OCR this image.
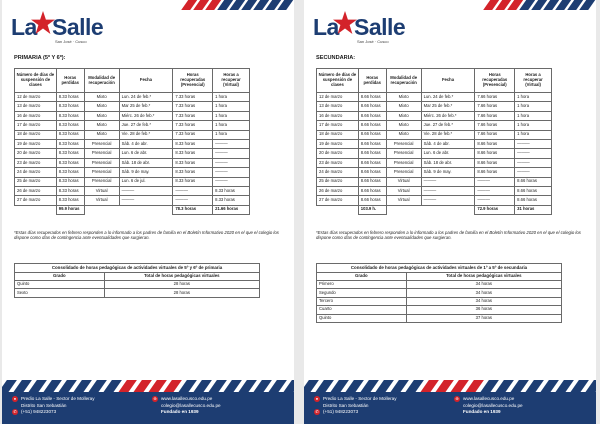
La Salle
San José · Cusco
PRIMARIA (5º Y 6º):
Número de días de suspensión de clases	Horas perdidas	Modalidad de recuperación	Fecha	Horas recuperadas (Presencial)	Horas a recuperar (Virtual)
12 de marzo	8.33 horas	Mixto	Lun. 24 de feb.*	7.33 horas	1 hora
13 de marzo	8.33 horas	Mixto	Mar 25 de feb.*	7.33 horas	1 hora
16 de marzo	8.33 horas	Mixto	Miérc. 26 de feb.*	7.33 horas	1 hora
17 de marzo	8.33 horas	Mixto	Jue. 27 de feb.*	7.33 horas	1 hora
18 de marzo	8.33 horas	Mixto	Vie. 28 de feb.*	7.33 horas	1 hora
19 de marzo	8.33 horas	Presencial	Sáb. 4 de abr.	8.33 horas	———
20 de marzo	8.33 horas	Presencial	Lun. 6 de abr.	8.33 horas	———
23 de marzo	8.33 horas	Presencial	Sáb. 18 de abr.	8.33 horas	———
24 de marzo	8.33 horas	Presencial	Sáb. 9 de may.	8.33 horas	———
25 de marzo	8.33 horas	Presencial	Lun. 6 de jul.	8.33 horas	———
26 de marzo	8.33 horas	Virtual	———	———	8.33 horas
27 de marzo	8.33 horas	Virtual	———	———	8.33 horas
	99.9 horas			78.3 horas	21.66 horas
*Estas días recuperados en febrero responden a lo informado a los padres de familia en el Boletín Informativo 2020 en el que el colegio los dispone como días de contingencia ante eventualidades que surgieran.
Consolidado de horas pedagógicas de actividades virtuales de 5º y 6º de primaria	
Grado	Total de horas pedagógicas virtuales
Quinto	28 horas
Sexto	28 horas
●	Predio La Salle - Sector de Molleray
Distrito San Sebastián
✆ (+51) 948223073
⊕ www.lasallecusco.edu.pe
colegio@lasallecusco.edu.pe
Fundado en 1939
La Salle
San José · Cusco
SECUNDARIA:
Número de días de suspensión de clases	Horas perdidas	Modalidad de recuperación	Fecha	Horas recuperadas (Presencial)	Horas a recuperar (Virtual)
12 de marzo	8.66 horas	Mixto	Lun. 24 de feb.*	7.66 horas	1 hora
13 de marzo	8.66 horas	Mixto	Mar 25 de feb.*	7.66 horas	1 hora
16 de marzo	8.66 horas	Mixto	Miérc. 26 de feb.*	7.66 horas	1 hora
17 de marzo	8.66 horas	Mixto	Jue. 27 de feb.*	7.66 horas	1 hora
18 de marzo	8.66 horas	Mixto	Vie. 28 de feb.*	7.66 horas	1 hora
19 de marzo	8.66 horas	Presencial	Sáb. 4 de abr.	8.66 horas	———
20 de marzo	8.66 horas	Presencial	Lun. 6 de abr.	8.66 horas	———
23 de marzo	8.66 horas	Presencial	Sáb. 18 de abr.	8.66 horas	———
24 de marzo	8.66 horas	Presencial	Sáb. 9 de may.	8.66 horas	———
25 de marzo	8.66 horas	Virtual	———	———	8.66 horas
26 de marzo	8.66 horas	Virtual	———	———	8.66 horas
27 de marzo	8.66 horas	Virtual	———	———	8.66 horas
	103.9 h.			72.9 horas	31 horas
*Estas días recuperados en febrero responden a lo informado a los padres de familia en el Boletín Informativo 2020 en el que el colegio los dispone como días de contingencia ante eventualidades que surgieran.
Consolidado de horas pedagógicas de actividades virtuales de 1º a 5º de secundaria	
Grado	Total de horas pedagógicas virtuales
Primero	34 horas
Segundo	34 horas
Tercero	34 horas
Cuarto	36 horas
Quinto	37 horas
●	Predio La Salle - Sector de Molleray
Distrito San Sebastián
✆ (+51) 948223073
⊕ www.lasallecusco.edu.pe
colegio@lasallecusco.edu.pe
Fundado en 1939
